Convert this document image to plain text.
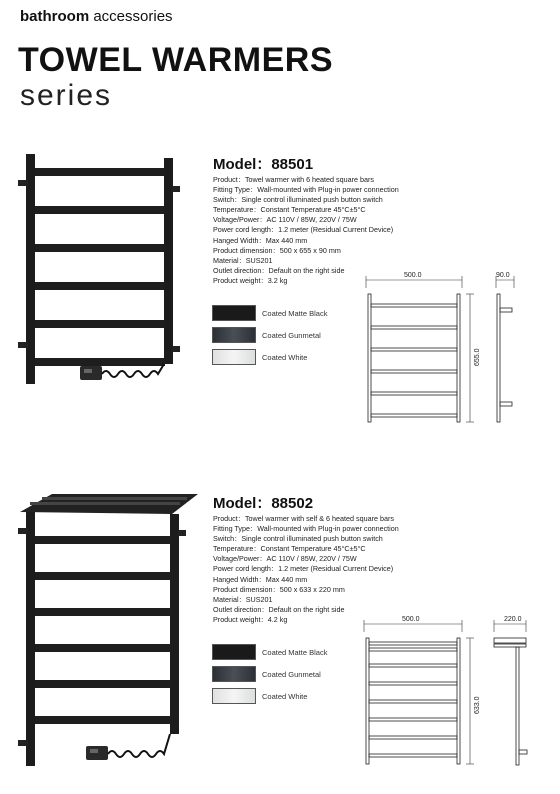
bathroom accessories
TOWEL WARMERS
series
Model：88501
Product：Towel warmer with 6 heated square bars
Fitting Type：Wall-mounted with Plug-in power connection
Switch：Single control illuminated push button switch
Temperature：Constant Temperature 45°C±5°C
Voltage/Power：AC 110V / 85W, 220V / 75W
Power cord length：1.2 meter (Residual Current Device)
Hanged Width：Max 440 mm
Product dimension：500 x 655 x 90 mm
Material：SUS201
Outlet direction：Default on the right side
Product weight：3.2 kg
Coated Matte Black
Coated Gunmetal
Coated White
500.0
655.0
90.0
Model：88502
Product：Towel warmer with self & 6 heated square bars
Fitting Type：Wall-mounted with Plug-in power connection
Switch：Single control illuminated push button switch
Temperature：Constant Temperature 45°C±5°C
Voltage/Power：AC 110V / 85W, 220V / 75W
Power cord length：1.2 meter (Residual Current Device)
Hanged Width：Max 440 mm
Product dimension：500 x 633 x 220 mm
Material：SUS201
Outlet direction：Default on the right side
Product weight：4.2 kg
Coated Matte Black
Coated Gunmetal
Coated White
500.0
633.0
220.0
